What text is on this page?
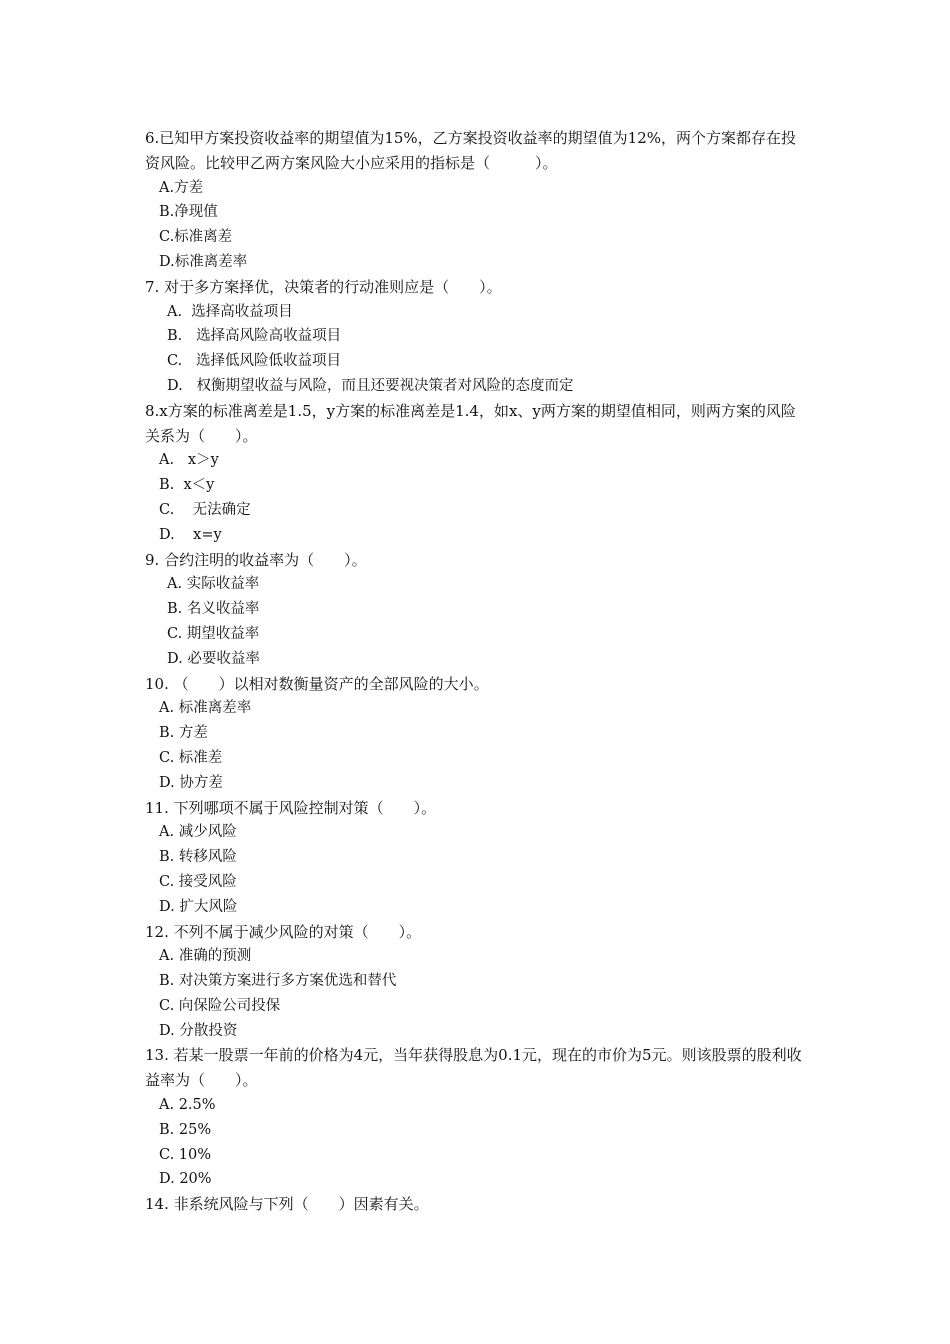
6.已知甲方案投资收益率的期望值为15%，乙方案投资收益率的期望值为12%，两个方案都存在投资风险。比较甲乙两方案风险大小应采用的指标是（　　　）。

A.方差
B.净现值
C.标准离差
D.标准离差率

7. 对于多方案择优，决策者的行动准则应是（　　）。

A.  选择高收益项目
B.   选择高风险高收益项目
C.   选择低风险低收益项目
D.   权衡期望收益与风险，而且还要视决策者对风险的态度而定

8.x方案的标准离差是1.5，y方案的标准离差是1.4，如x、y两方案的期望值相同，则两方案的风险关系为（　　）。

A.   x＞y
B.  x＜y
C.    无法确定
D.    x=y

9. 合约注明的收益率为（　　）。

A. 实际收益率
B. 名义收益率
C. 期望收益率
D. 必要收益率

10. （　　）以相对数衡量资产的全部风险的大小。

A. 标准离差率
B. 方差
C. 标准差
D. 协方差

11. 下列哪项不属于风险控制对策（　　）。

A. 减少风险
B. 转移风险
C. 接受风险
D. 扩大风险

12. 不列不属于减少风险的对策（　　）。

A. 准确的预测
B. 对决策方案进行多方案优选和替代
C. 向保险公司投保
D. 分散投资

13. 若某一股票一年前的价格为4元，当年获得股息为0.1元，现在的市价为5元。则该股票的股利收益率为（　　）。

A. 2.5%
B. 25%
C. 10%
D. 20%

14. 非系统风险与下列（　　）因素有关。
